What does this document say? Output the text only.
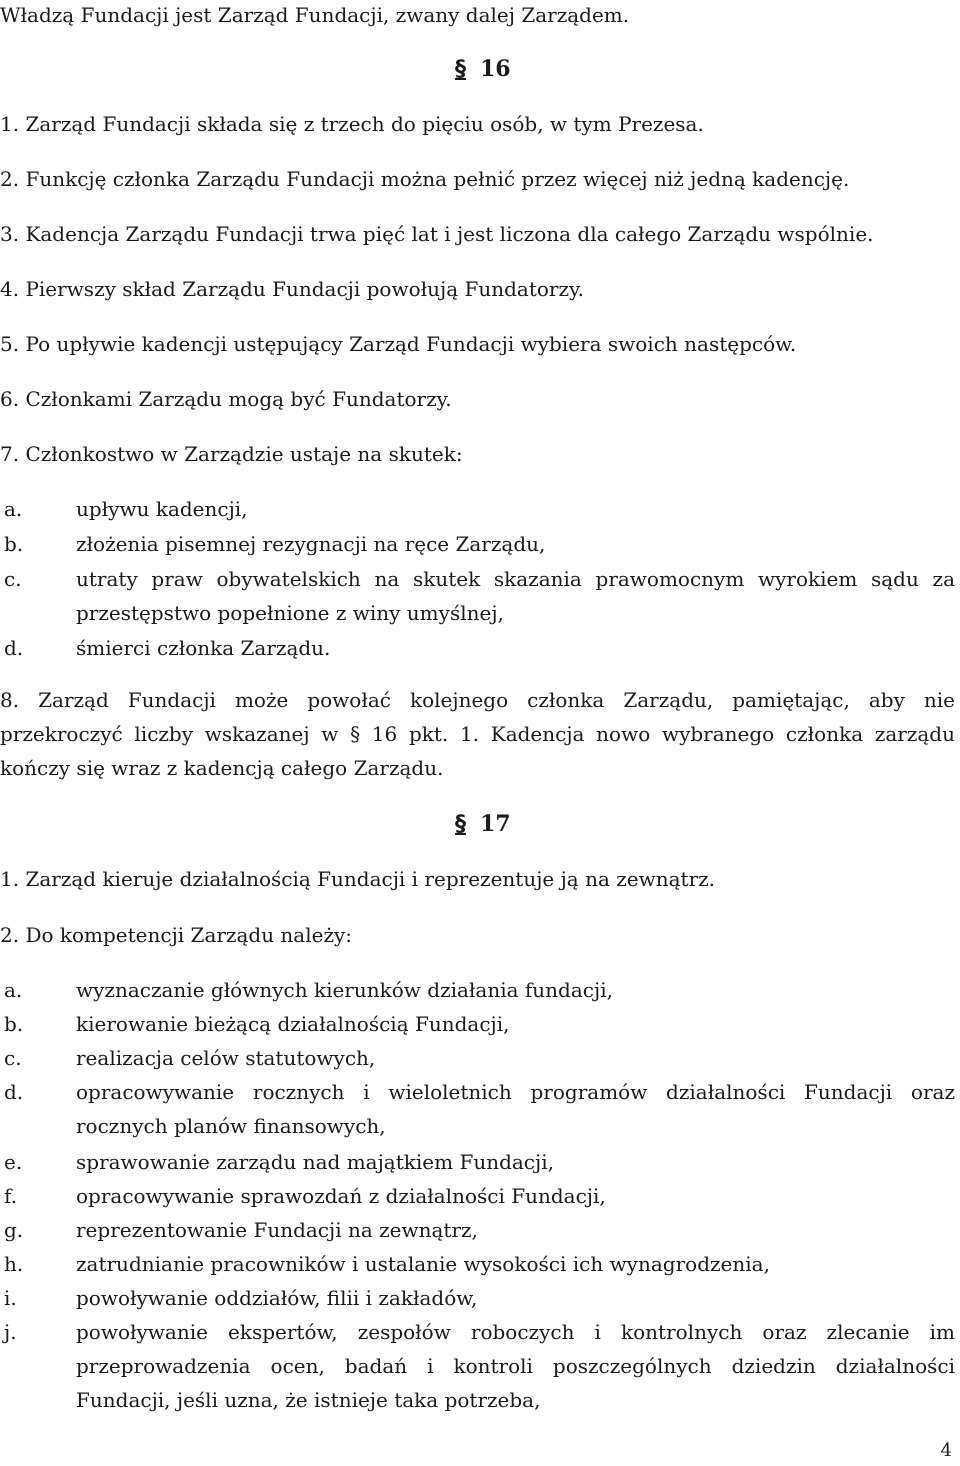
Władzą Fundacji jest Zarząd Fundacji, zwany dalej Zarządem.
§ 16
1. Zarząd Fundacji składa się z trzech do pięciu osób, w tym Prezesa.
2. Funkcję członka Zarządu Fundacji można pełnić przez więcej niż jedną kadencję.
3. Kadencja Zarządu Fundacji trwa pięć lat i jest liczona dla całego Zarządu wspólnie.
4. Pierwszy skład Zarządu Fundacji powołują Fundatorzy.
5. Po upływie kadencji ustępujący Zarząd Fundacji wybiera swoich następców.
6. Członkami Zarządu mogą być Fundatorzy.
7. Członkostwo w Zarządzie ustaje na skutek:
a.	upływu kadencji,
b.	złożenia pisemnej rezygnacji na ręce Zarządu,
c.	utraty praw obywatelskich na skutek skazania prawomocnym wyrokiem sądu za przestępstwo popełnione z winy umyślnej,
d.	śmierci członka Zarządu.
8. Zarząd Fundacji może powołać kolejnego członka Zarządu, pamiętając, aby nie przekroczyć liczby wskazanej w § 16 pkt. 1. Kadencja nowo wybranego członka zarządu kończy się wraz z kadencją całego Zarządu.
§ 17
1. Zarząd kieruje działalnością Fundacji i reprezentuje ją na zewnątrz.
2. Do kompetencji Zarządu należy:
a.	wyznaczanie głównych kierunków działania fundacji,
b.	kierowanie bieżącą działalnością Fundacji,
c.	realizacja celów statutowych,
d.	opracowywanie rocznych i wieloletnich programów działalności Fundacji oraz rocznych planów finansowych,
e.	sprawowanie zarządu nad majątkiem Fundacji,
f.	opracowywanie sprawozdań z działalności Fundacji,
g.	reprezentowanie Fundacji na zewnątrz,
h.	zatrudnianie pracowników i ustalanie wysokości ich wynagrodzenia,
i.	powoływanie oddziałów, filii i zakładów,
j.	powoływanie ekspertów, zespołów roboczych i kontrolnych oraz zlecanie im przeprowadzenia ocen, badań i kontroli poszczególnych dziedzin działalności Fundacji, jeśli uzna, że istnieje taka potrzeba,
4
